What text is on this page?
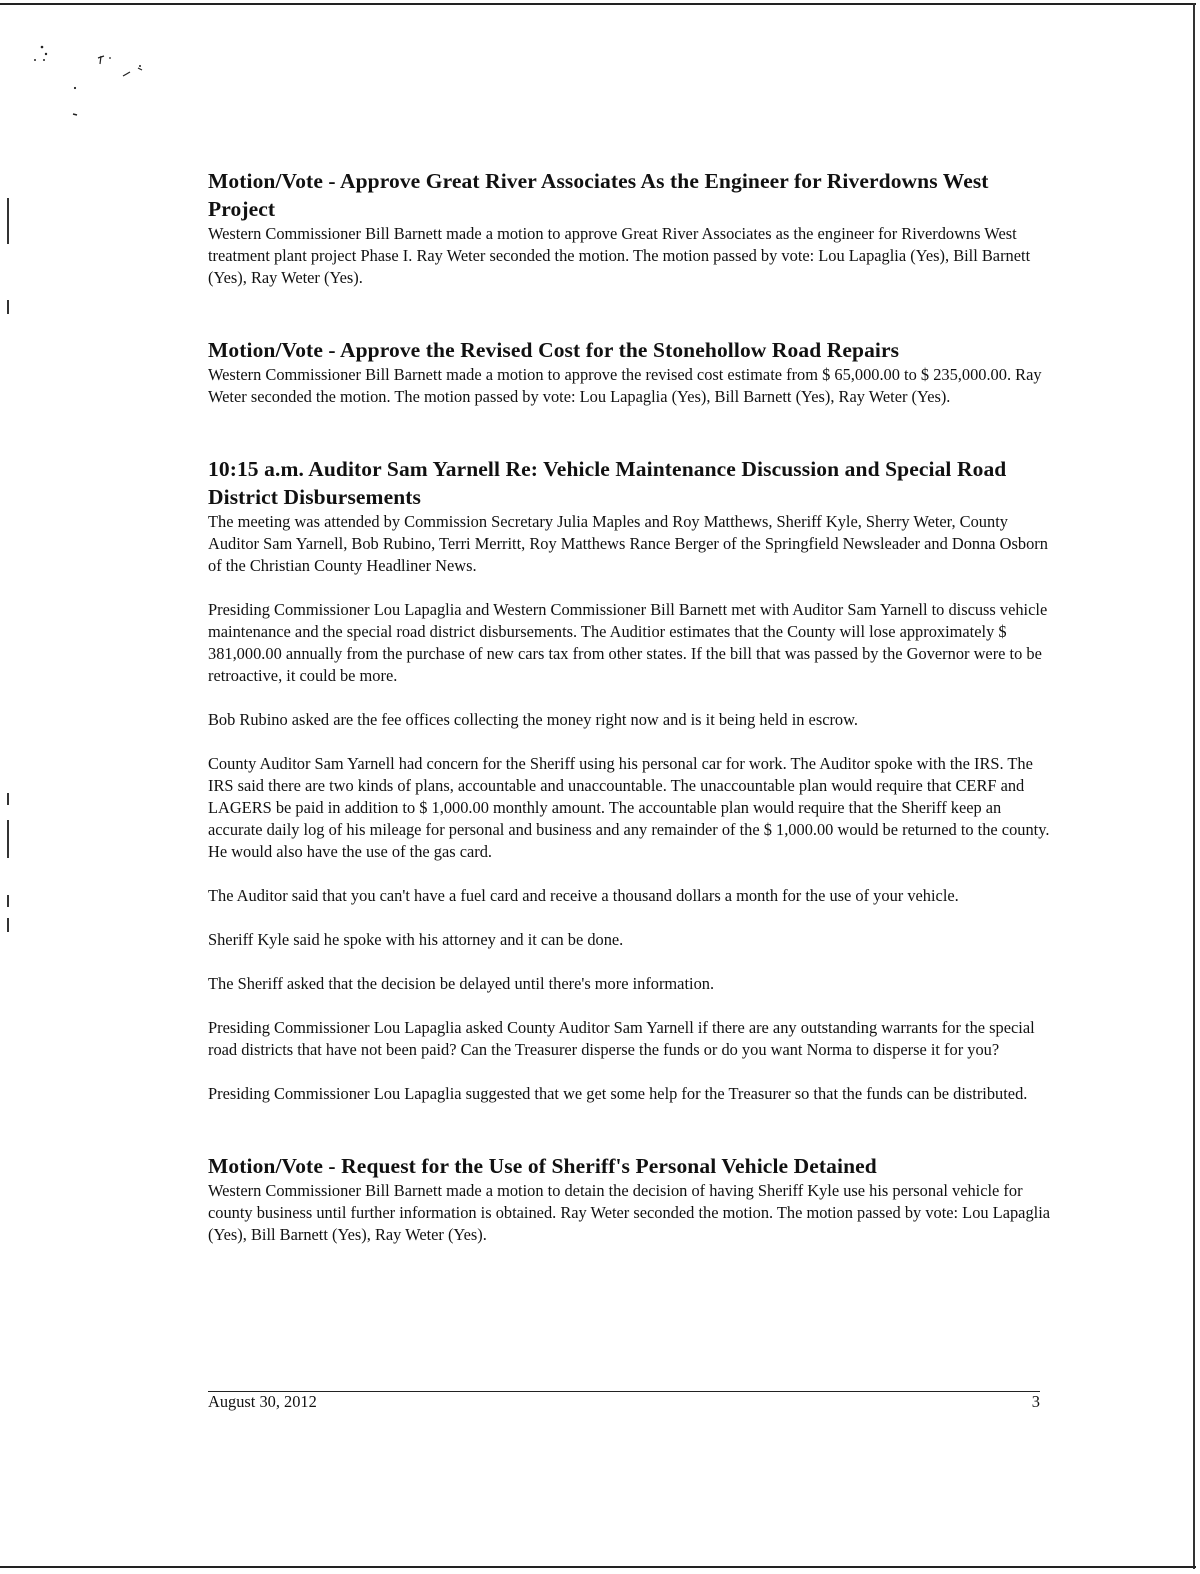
Motion/Vote - Approve Great River Associates As the Engineer for Riverdowns West Project

Western Commissioner Bill Barnett made a motion to approve Great River Associates as the engineer for Riverdowns West treatment plant project Phase I. Ray Weter seconded the motion. The motion passed by vote: Lou Lapaglia (Yes), Bill Barnett (Yes), Ray Weter (Yes).

Motion/Vote - Approve the Revised Cost for the Stonehollow Road Repairs

Western Commissioner Bill Barnett made a motion to approve the revised cost estimate from $ 65,000.00 to $ 235,000.00. Ray Weter seconded the motion. The motion passed by vote: Lou Lapaglia (Yes), Bill Barnett (Yes), Ray Weter (Yes).

10:15 a.m. Auditor Sam Yarnell Re: Vehicle Maintenance Discussion and Special Road District Disbursements

The meeting was attended by Commission Secretary Julia Maples and Roy Matthews, Sheriff Kyle, Sherry Weter, County Auditor Sam Yarnell, Bob Rubino, Terri Merritt, Roy Matthews Rance Berger of the Springfield Newsleader and Donna Osborn of the Christian County Headliner News.

Presiding Commissioner Lou Lapaglia and Western Commissioner Bill Barnett met with Auditor Sam Yarnell to discuss vehicle maintenance and the special road district disbursements. The Auditior estimates that the County will lose approximately $ 381,000.00 annually from the purchase of new cars tax from other states. If the bill that was passed by the Governor were to be retroactive, it could be more.

Bob Rubino asked are the fee offices collecting the money right now and is it being held in escrow.

County Auditor Sam Yarnell had concern for the Sheriff using his personal car for work. The Auditor spoke with the IRS. The IRS said there are two kinds of plans, accountable and unaccountable. The unaccountable plan would require that CERF and LAGERS be paid in addition to $ 1,000.00 monthly amount. The accountable plan would require that the Sheriff keep an accurate daily log of his mileage for personal and business and any remainder of the $ 1,000.00 would be returned to the county. He would also have the use of the gas card.

The Auditor said that you can't have a fuel card and receive a thousand dollars a month for the use of your vehicle.

Sheriff Kyle said he spoke with his attorney and it can be done.

The Sheriff asked that the decision be delayed until there's more information.

Presiding Commissioner Lou Lapaglia asked County Auditor Sam Yarnell if there are any outstanding warrants for the special road districts that have not been paid? Can the Treasurer disperse the funds or do you want Norma to disperse it for you?

Presiding Commissioner Lou Lapaglia suggested that we get some help for the Treasurer so that the funds can be distributed.

Motion/Vote - Request for the Use of Sheriff's Personal Vehicle Detained

Western Commissioner Bill Barnett made a motion to detain the decision of having Sheriff Kyle use his personal vehicle for county business until further information is obtained. Ray Weter seconded the motion. The motion passed by vote: Lou Lapaglia (Yes), Bill Barnett (Yes), Ray Weter (Yes).

August 30, 2012	3
